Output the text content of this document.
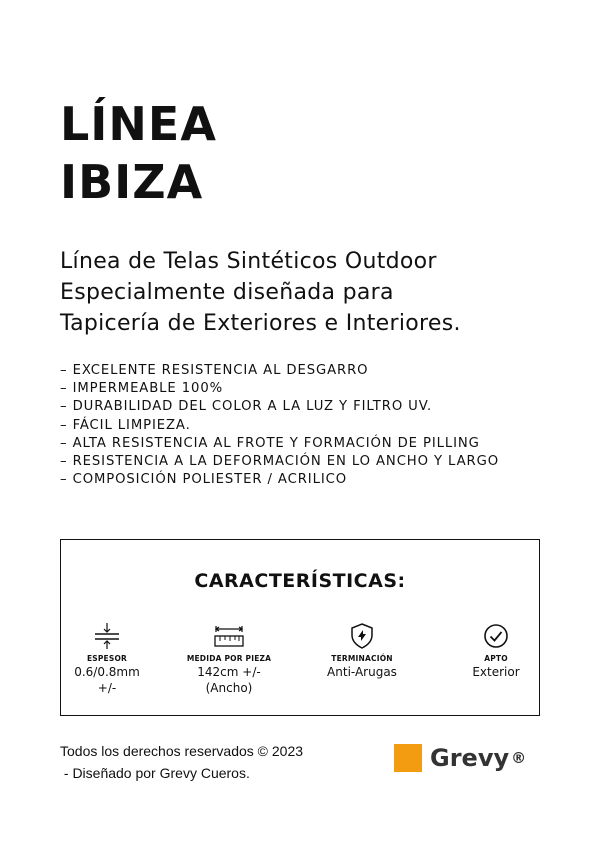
LÍNEA
IBIZA
Línea de Telas Sintéticos Outdoor
Especialmente diseñada para
Tapicería de Exteriores e Interiores.
– EXCELENTE RESISTENCIA AL DESGARRO
– IMPERMEABLE 100%
– DURABILIDAD DEL COLOR A LA LUZ Y FILTRO UV.
– FÁCIL LIMPIEZA.
– ALTA RESISTENCIA AL FROTE Y FORMACIÓN DE PILLING
– RESISTENCIA A LA DEFORMACIÓN EN LO ANCHO Y LARGO
– COMPOSICIÓN POLIESTER / ACRILICO
CARACTERÍSTICAS:
ESPESOR
0.6/0.8mm
+/-
MEDIDA POR PIEZA
142cm +/-
(Ancho)
TERMINACIÓN
Anti-Arugas
APTO
Exterior
Todos los derechos reservados © 2023
- Diseñado por Grevy Cueros.
Grevy ®
